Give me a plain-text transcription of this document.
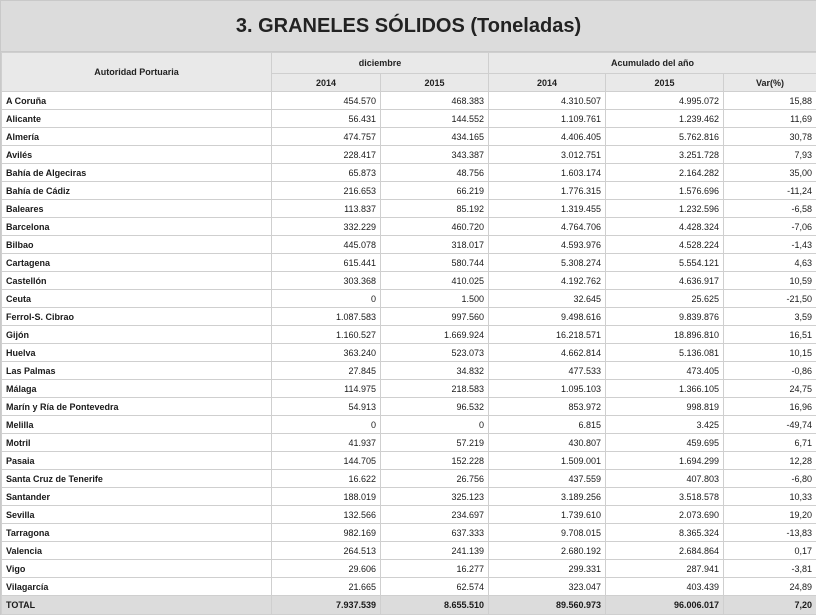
3. GRANELES SÓLIDOS (Toneladas)
Autoridad Portuaria	diciembre		Acumulado del año		
	2014	2015	2014	2015	Var(%)
A Coruña	454.570	468.383	4.310.507	4.995.072	15,88
Alicante	56.431	144.552	1.109.761	1.239.462	11,69
Almería	474.757	434.165	4.406.405	5.762.816	30,78
Avilés	228.417	343.387	3.012.751	3.251.728	7,93
Bahía de Algeciras	65.873	48.756	1.603.174	2.164.282	35,00
Bahía de Cádiz	216.653	66.219	1.776.315	1.576.696	-11,24
Baleares	113.837	85.192	1.319.455	1.232.596	-6,58
Barcelona	332.229	460.720	4.764.706	4.428.324	-7,06
Bilbao	445.078	318.017	4.593.976	4.528.224	-1,43
Cartagena	615.441	580.744	5.308.274	5.554.121	4,63
Castellón	303.368	410.025	4.192.762	4.636.917	10,59
Ceuta	0	1.500	32.645	25.625	-21,50
Ferrol-S. Cibrao	1.087.583	997.560	9.498.616	9.839.876	3,59
Gijón	1.160.527	1.669.924	16.218.571	18.896.810	16,51
Huelva	363.240	523.073	4.662.814	5.136.081	10,15
Las Palmas	27.845	34.832	477.533	473.405	-0,86
Málaga	114.975	218.583	1.095.103	1.366.105	24,75
Marín y Ría de Pontevedra	54.913	96.532	853.972	998.819	16,96
Melilla	0	0	6.815	3.425	-49,74
Motril	41.937	57.219	430.807	459.695	6,71
Pasaia	144.705	152.228	1.509.001	1.694.299	12,28
Santa Cruz de Tenerife	16.622	26.756	437.559	407.803	-6,80
Santander	188.019	325.123	3.189.256	3.518.578	10,33
Sevilla	132.566	234.697	1.739.610	2.073.690	19,20
Tarragona	982.169	637.333	9.708.015	8.365.324	-13,83
Valencia	264.513	241.139	2.680.192	2.684.864	0,17
Vigo	29.606	16.277	299.331	287.941	-3,81
Vilagarcía	21.665	62.574	323.047	403.439	24,89
TOTAL	7.937.539	8.655.510	89.560.973	96.006.017	7,20
